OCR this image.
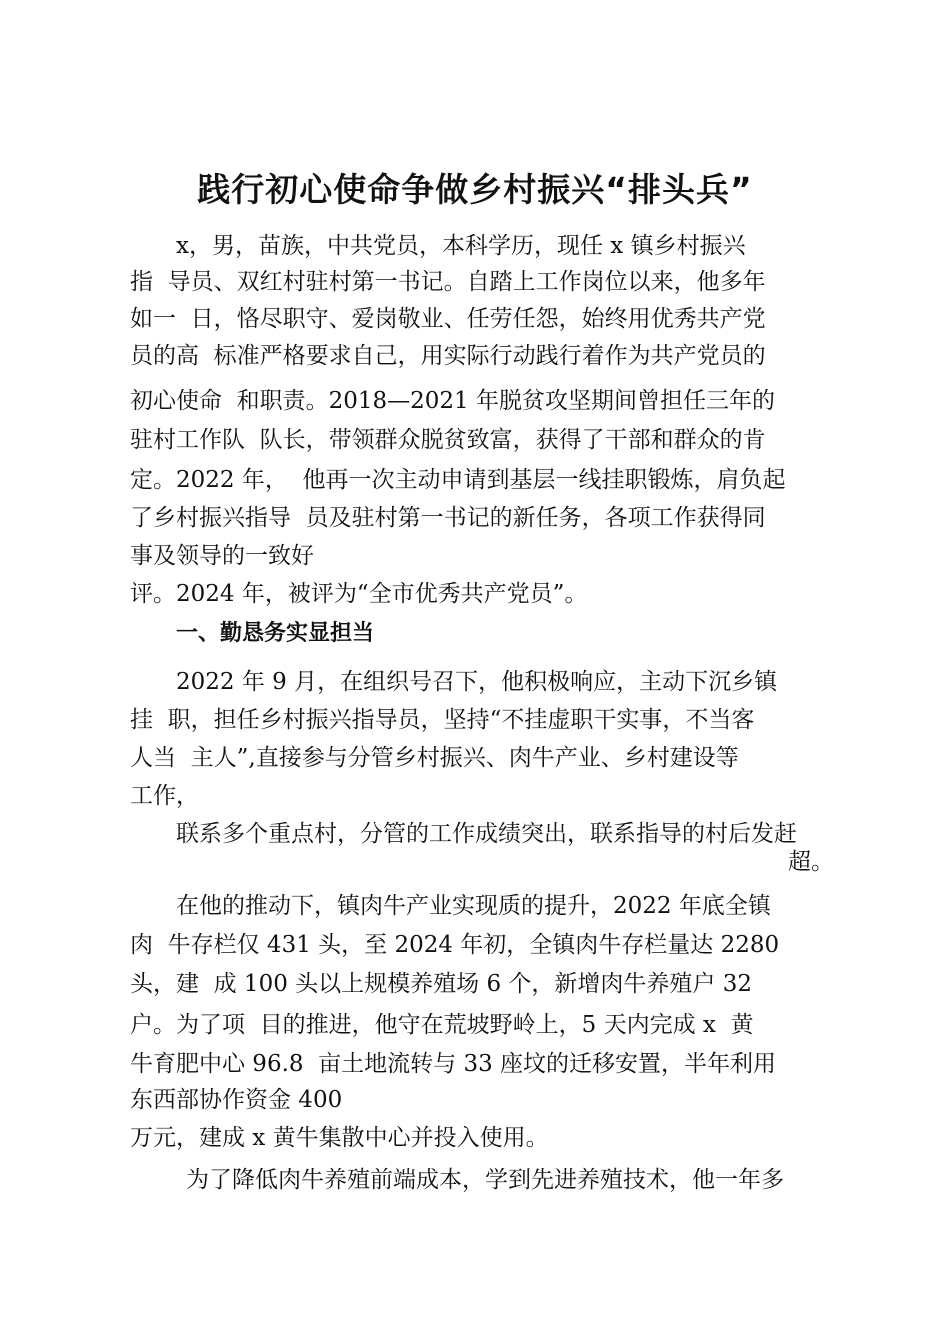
践行初心使命争做乡村振兴“排头兵”

x，男，苗族，中共党员，本科学历，现任 x 镇乡村振兴

指  导员、双红村驻村第一书记。自踏上工作岗位以来，他多年

如一  日，恪尽职守、爱岗敬业、任劳任怨，始终用优秀共产党

员的高  标准严格要求自己，用实际行动践行着作为共产党员的

初心使命  和职责。2018—2021 年脱贫攻坚期间曾担任三年的

驻村工作队  队长，带领群众脱贫致富，获得了干部和群众的肯

定。2022 年，  他再一次主动申请到基层一线挂职锻炼，肩负起

了乡村振兴指导  员及驻村第一书记的新任务，各项工作获得同

事及领导的一致好

评。2024 年，被评为“全市优秀共产党员”。

一、勤恳务实显担当

2022 年 9 月，在组织号召下，他积极响应，主动下沉乡镇

挂  职，担任乡村振兴指导员，坚持“不挂虚职干实事，不当客

人当  主人”,直接参与分管乡村振兴、肉牛产业、乡村建设等

工作，

联系多个重点村，分管的工作成绩突出，联系指导的村后发赶

超。

在他的推动下，镇肉牛产业实现质的提升，2022 年底全镇

肉  牛存栏仅 431 头，至 2024 年初，全镇肉牛存栏量达 2280

头，建  成 100 头以上规模养殖场 6 个，新增肉牛养殖户 32

户。为了项  目的推进，他守在荒坡野岭上，5 天内完成 x  黄

牛育肥中心 96.8  亩土地流转与 33 座坟的迁移安置，半年利用

东西部协作资金 400

万元，建成 x 黄牛集散中心并投入使用。

为了降低肉牛养殖前端成本，学到先进养殖技术，他一年多
